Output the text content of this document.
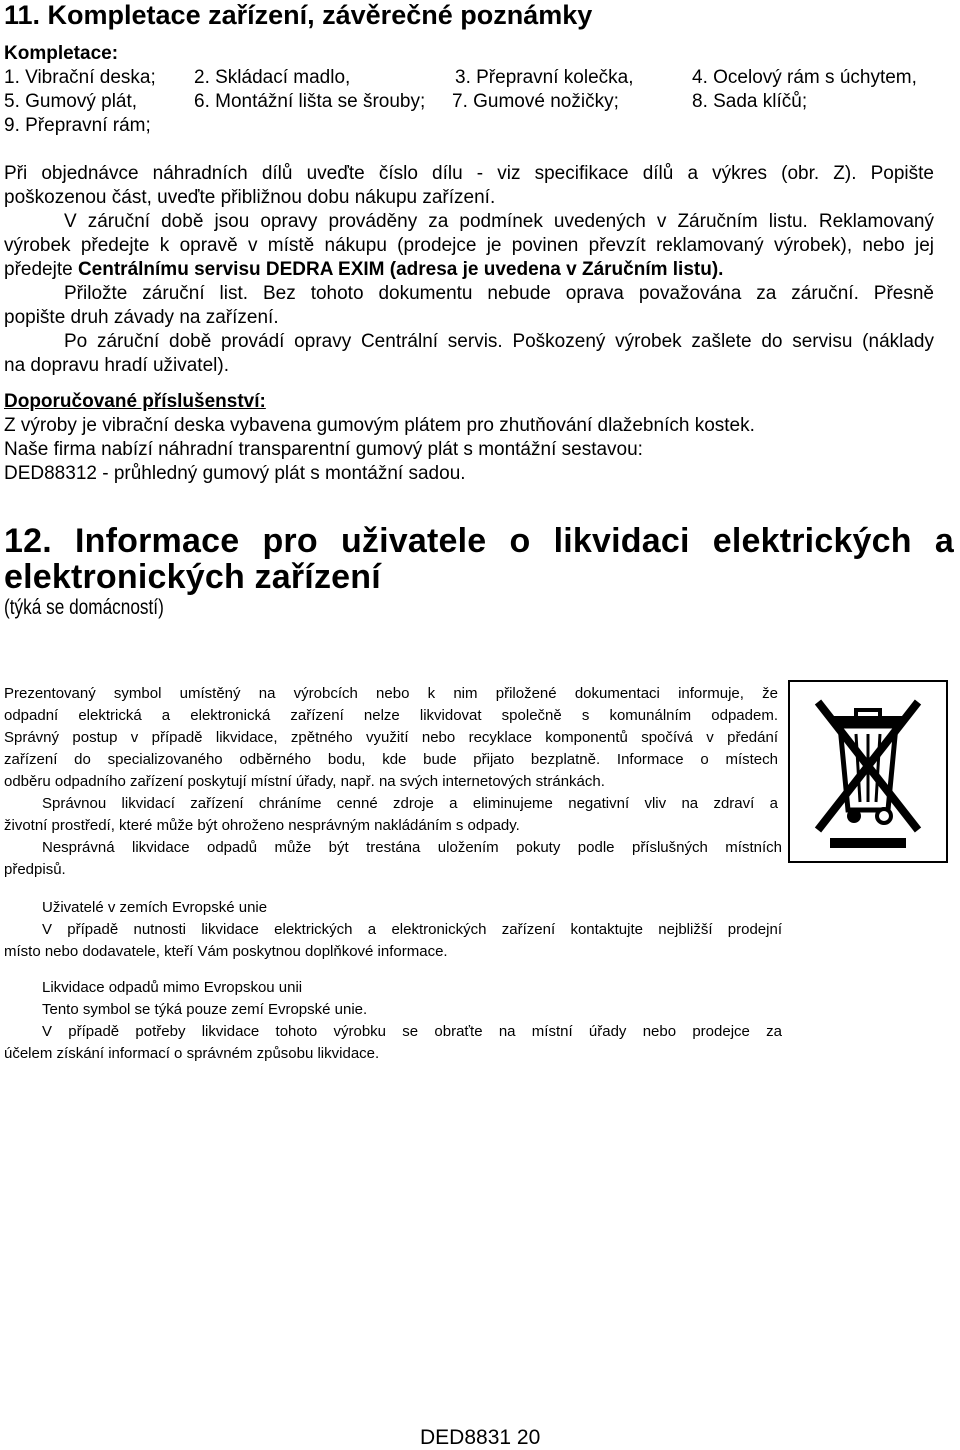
11. Kompletace zařízení, závěrečné poznámky
Kompletace:
1. Vibrační deska; 2. Skládací madlo,	3. Přepravní kolečka,	4. Ocelový rám s úchytem,
5. Gumový plát,	6. Montážní lišta se šrouby; 7. Gumové nožičky;	8. Sada klíčů;
9. Přepravní rám;
Při objednávce náhradních dílů uveďte číslo dílu - viz specifikace dílů a výkres (obr. Z). Popište
poškozenou část, uveďte přibližnou dobu nákupu zařízení.
V záruční době jsou opravy prováděny za podmínek uvedených v Záručním listu. Reklamovaný
výrobek předejte k opravě v místě nákupu (prodejce je povinen převzít reklamovaný výrobek), nebo jej
předejte Centrálnímu servisu DEDRA EXIM (adresa je uvedena v Záručním listu).
Přiložte záruční list. Bez tohoto dokumentu nebude oprava považována za záruční. Přesně
popište druh závady na zařízení.
Po záruční době provádí opravy Centrální servis. Poškozený výrobek zašlete do servisu (náklady
na dopravu hradí uživatel).
Doporučované příslušenství:
Z výroby je vibrační deska vybavena gumovým plátem pro zhutňování dlažebních kostek.
Naše firma nabízí náhradní transparentní gumový plát s montážní sestavou:
DED88312 - průhledný gumový plát s montážní sadou.
12. Informace pro uživatele o likvidaci elektrických a
elektronických zařízení
(týká se domácností)
Prezentovaný symbol umístěný na výrobcích nebo k nim přiložené dokumentaci informuje, že
odpadní elektrická a elektronická zařízení nelze likvidovat společně s komunálním odpadem.
Správný postup v případě likvidace, zpětného využití nebo recyklace komponentů spočívá v předání
zařízení do specializovaného odběrného bodu, kde bude přijato bezplatně. Informace o místech
odběru odpadního zařízení poskytují místní úřady, např. na svých internetových stránkách.
Správnou likvidací zařízení chráníme cenné zdroje a eliminujeme negativní vliv na zdraví a
životní prostředí, které může být ohroženo nesprávným nakládáním s odpady.
Nesprávná likvidace odpadů může být trestána uložením pokuty podle příslušných místních
předpisů.
Uživatelé v zemích Evropské unie
V případě nutnosti likvidace elektrických a elektronických zařízení kontaktujte nejbližší prodejní
místo nebo dodavatele, kteří Vám poskytnou doplňkové informace.
Likvidace odpadů mimo Evropskou unii
Tento symbol se týká pouze zemí Evropské unie.
V případě potřeby likvidace tohoto výrobku se obraťte na místní úřady nebo prodejce za
účelem získání informací o správném způsobu likvidace.
DED8831 20
